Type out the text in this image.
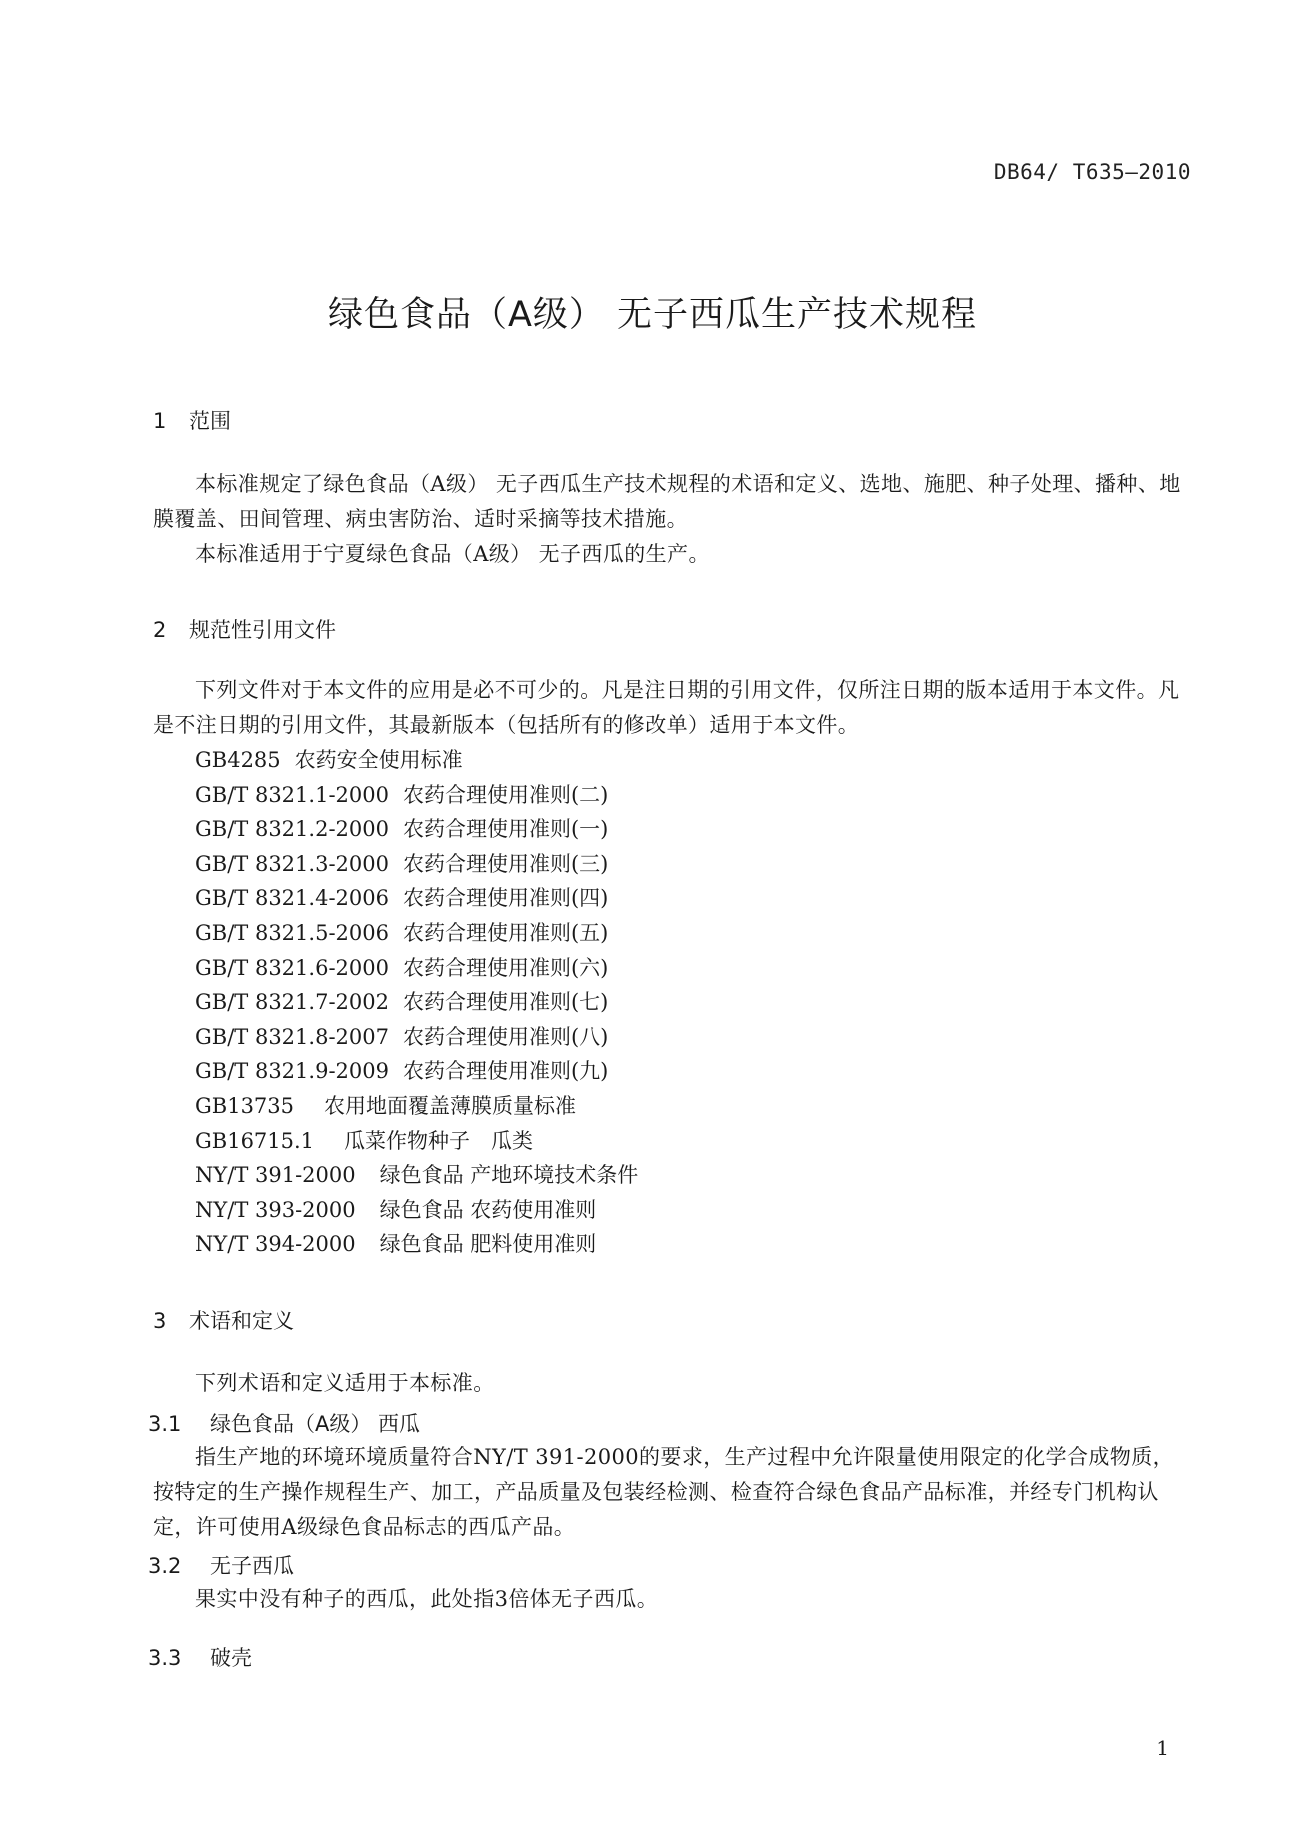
DB64/ T635—2010
绿色食品（A级） 无子西瓜生产技术规程
1 范围
本标准规定了绿色食品（A级） 无子西瓜生产技术规程的术语和定义、选地、施肥、种子处理、播种、地膜覆盖、田间管理、病虫害防治、适时采摘等技术措施。
本标准适用于宁夏绿色食品（A级） 无子西瓜的生产。
2 规范性引用文件
下列文件对于本文件的应用是必不可少的。凡是注日期的引用文件，仅所注日期的版本适用于本文件。凡是不注日期的引用文件，其最新版本（包括所有的修改单）适用于本文件。
GB4285 农药安全使用标准
GB/T 8321.1-2000 农药合理使用准则(二)
GB/T 8321.2-2000 农药合理使用准则(一)
GB/T 8321.3-2000 农药合理使用准则(三)
GB/T 8321.4-2006 农药合理使用准则(四)
GB/T 8321.5-2006 农药合理使用准则(五)
GB/T 8321.6-2000 农药合理使用准则(六)
GB/T 8321.7-2002 农药合理使用准则(七)
GB/T 8321.8-2007 农药合理使用准则(八)
GB/T 8321.9-2009 农药合理使用准则(九)
GB13735 农用地面覆盖薄膜质量标准
GB16715.1 瓜菜作物种子　瓜类
NY/T 391-2000 绿色食品 产地环境技术条件
NY/T 393-2000 绿色食品 农药使用准则
NY/T 394-2000 绿色食品 肥料使用准则
3 术语和定义
下列术语和定义适用于本标准。
3.1 绿色食品（A级） 西瓜
指生产地的环境环境质量符合NY/T 391-2000的要求，生产过程中允许限量使用限定的化学合成物质，按特定的生产操作规程生产、加工，产品质量及包装经检测、检查符合绿色食品产品标准，并经专门机构认定，许可使用A级绿色食品标志的西瓜产品。
3.2 无子西瓜
果实中没有种子的西瓜，此处指3倍体无子西瓜。
3.3 破壳
1
